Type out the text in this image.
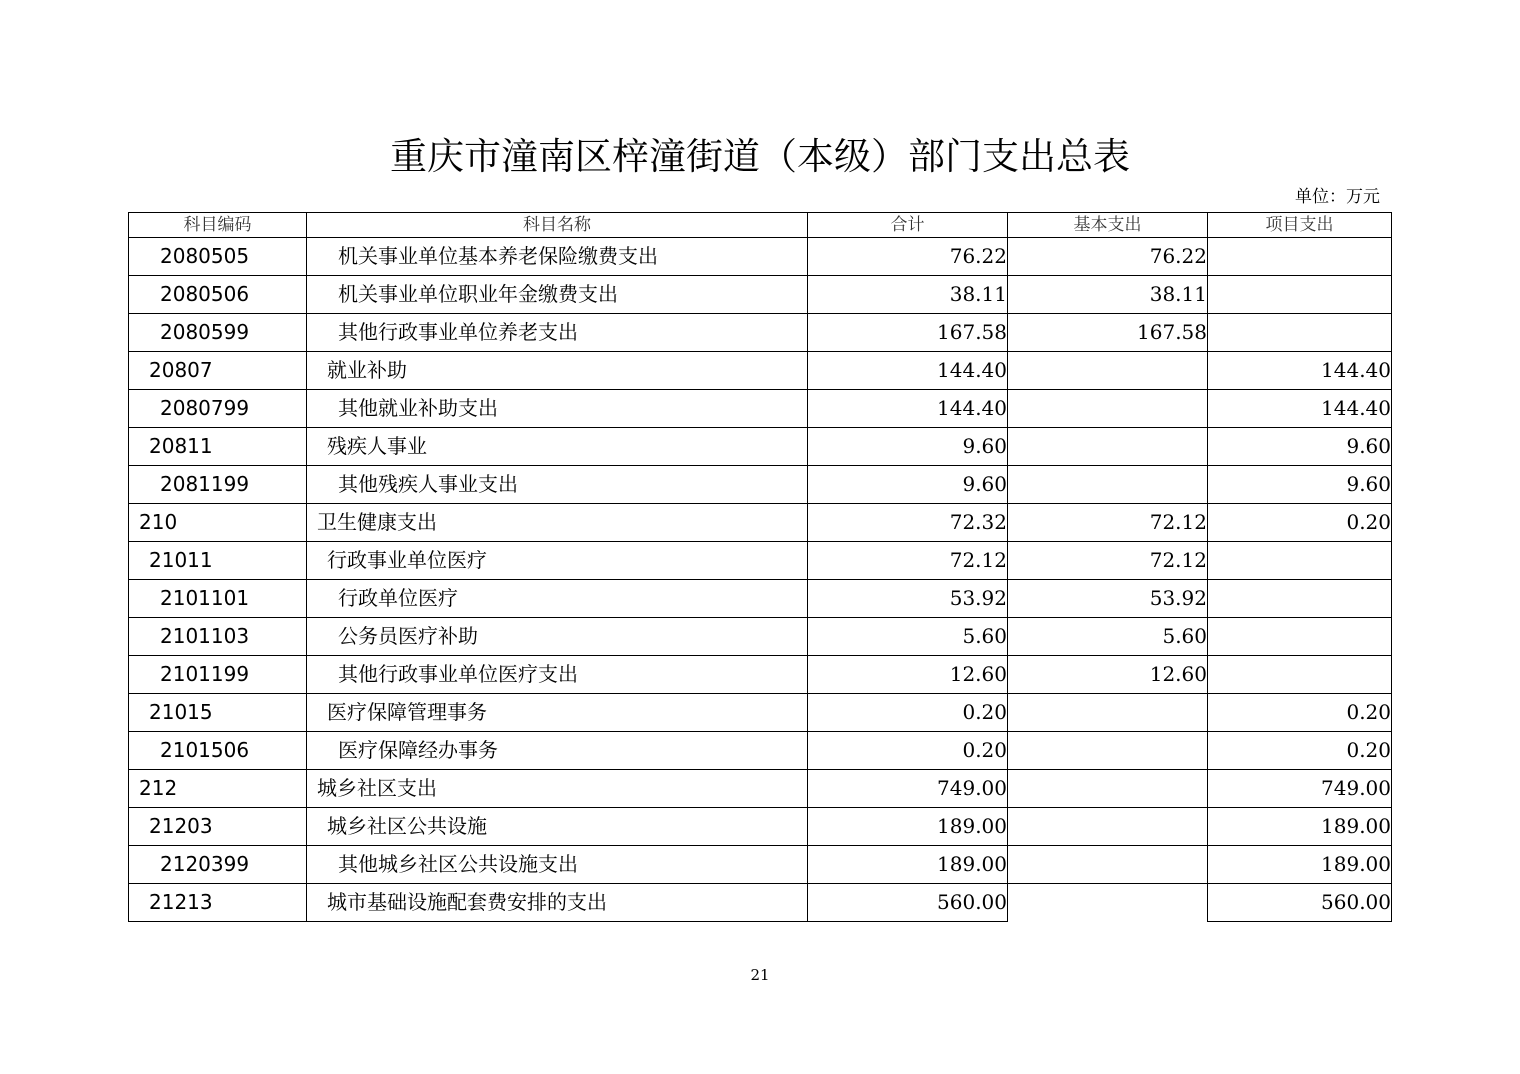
重庆市潼南区梓潼街道（本级）部门支出总表
单位：万元
科目编码	科目名称	合计	基本支出	项目支出
2080505	机关事业单位基本养老保险缴费支出	76.22	76.22	
2080506	机关事业单位职业年金缴费支出	38.11	38.11	
2080599	其他行政事业单位养老支出	167.58	167.58	
20807	就业补助	144.40		144.40
2080799	其他就业补助支出	144.40		144.40
20811	残疾人事业	9.60		9.60
2081199	其他残疾人事业支出	9.60		9.60
210	卫生健康支出	72.32	72.12	0.20
21011	行政事业单位医疗	72.12	72.12	
2101101	行政单位医疗	53.92	53.92	
2101103	公务员医疗补助	5.60	5.60	
2101199	其他行政事业单位医疗支出	12.60	12.60	
21015	医疗保障管理事务	0.20		0.20
2101506	医疗保障经办事务	0.20		0.20
212	城乡社区支出	749.00		749.00
21203	城乡社区公共设施	189.00		189.00
2120399	其他城乡社区公共设施支出	189.00		189.00
21213	城市基础设施配套费安排的支出	560.00		560.00
21
